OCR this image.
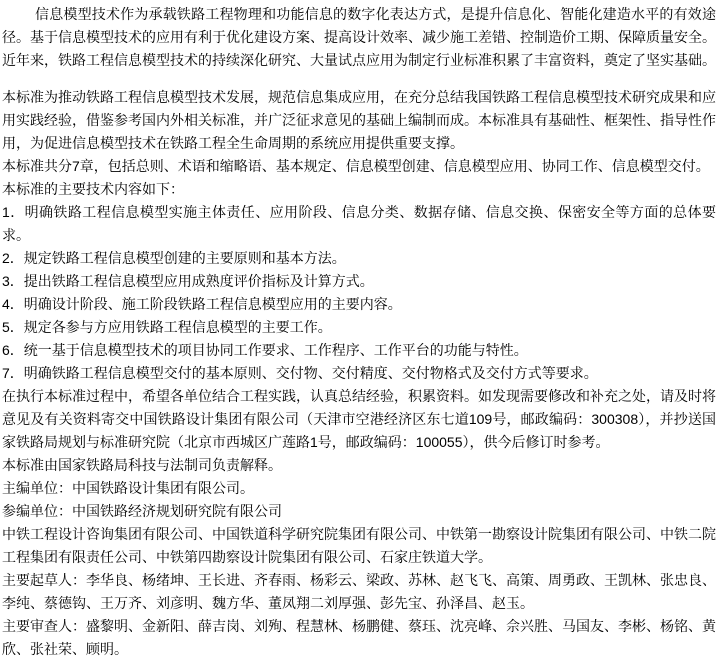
信息模型技术作为承载铁路工程物理和功能信息的数字化表达方式，是提升信息化、智能化建造水平的有效途径。基于信息模型技术的应用有利于优化建设方案、提高设计效率、减少施工差错、控制造价工期、保障质量安全。近年来，铁路工程信息模型技术的持续深化研究、大量试点应用为制定行业标准积累了丰富资料，奠定了坚实基础。

本标准为推动铁路工程信息模型技术发展，规范信息集成应用，在充分总结我国铁路工程信息模型技术研究成果和应用实践经验，借鉴参考国内外相关标准，并广泛征求意见的基础上编制而成。本标准具有基础性、框架性、指导性作用，为促进信息模型技术在铁路工程全生命周期的系统应用提供重要支撑。

本标准共分7章，包括总则、术语和缩略语、基本规定、信息模型创建、信息模型应用、协同工作、信息模型交付。

本标准的主要技术内容如下：

1．明确铁路工程信息模型实施主体责任、应用阶段、信息分类、数据存储、信息交换、保密安全等方面的总体要求。

2．规定铁路工程信息模型创建的主要原则和基本方法。

3．提出铁路工程信息模型应用成熟度评价指标及计算方式。

4．明确设计阶段、施工阶段铁路工程信息模型应用的主要内容。

5．规定各参与方应用铁路工程信息模型的主要工作。

6．统一基于信息模型技术的项目协同工作要求、工作程序、工作平台的功能与特性。

7．明确铁路工程信息模型交付的基本原则、交付物、交付精度、交付物格式及交付方式等要求。

在执行本标准过程中，希望各单位结合工程实践，认真总结经验，积累资料。如发现需要修改和补充之处，请及时将意见及有关资料寄交中国铁路设计集团有限公司（天津市空港经济区东七道109号，邮政编码：300308），并抄送国家铁路局规划与标准研究院（北京市西城区广莲路1号，邮政编码：100055），供今后修订时参考。

本标准由国家铁路局科技与法制司负责解释。

主编单位：中国铁路设计集团有限公司。

参编单位：中国铁路经济规划研究院有限公司

中铁工程设计咨询集团有限公司、中国铁道科学研究院集团有限公司、中铁第一勘察设计院集团有限公司、中铁二院工程集团有限责任公司、中铁第四勘察设计院集团有限公司、石家庄铁道大学。

主要起草人：李华良、杨绪坤、王长进、齐春雨、杨彩云、梁政、苏林、赵飞飞、高策、周勇政、王凯林、张忠良、李纯、蔡德钩、王万齐、刘彦明、魏方华、董凤翔二刘厚强、彭先宝、孙泽昌、赵玉。

主要审查人：盛黎明、金新阳、薛吉岗、刘殉、程慧林、杨鹏健、蔡珏、沈亮峰、佘兴胜、马国友、李彬、杨铭、黄欣、张社荣、顾明。
